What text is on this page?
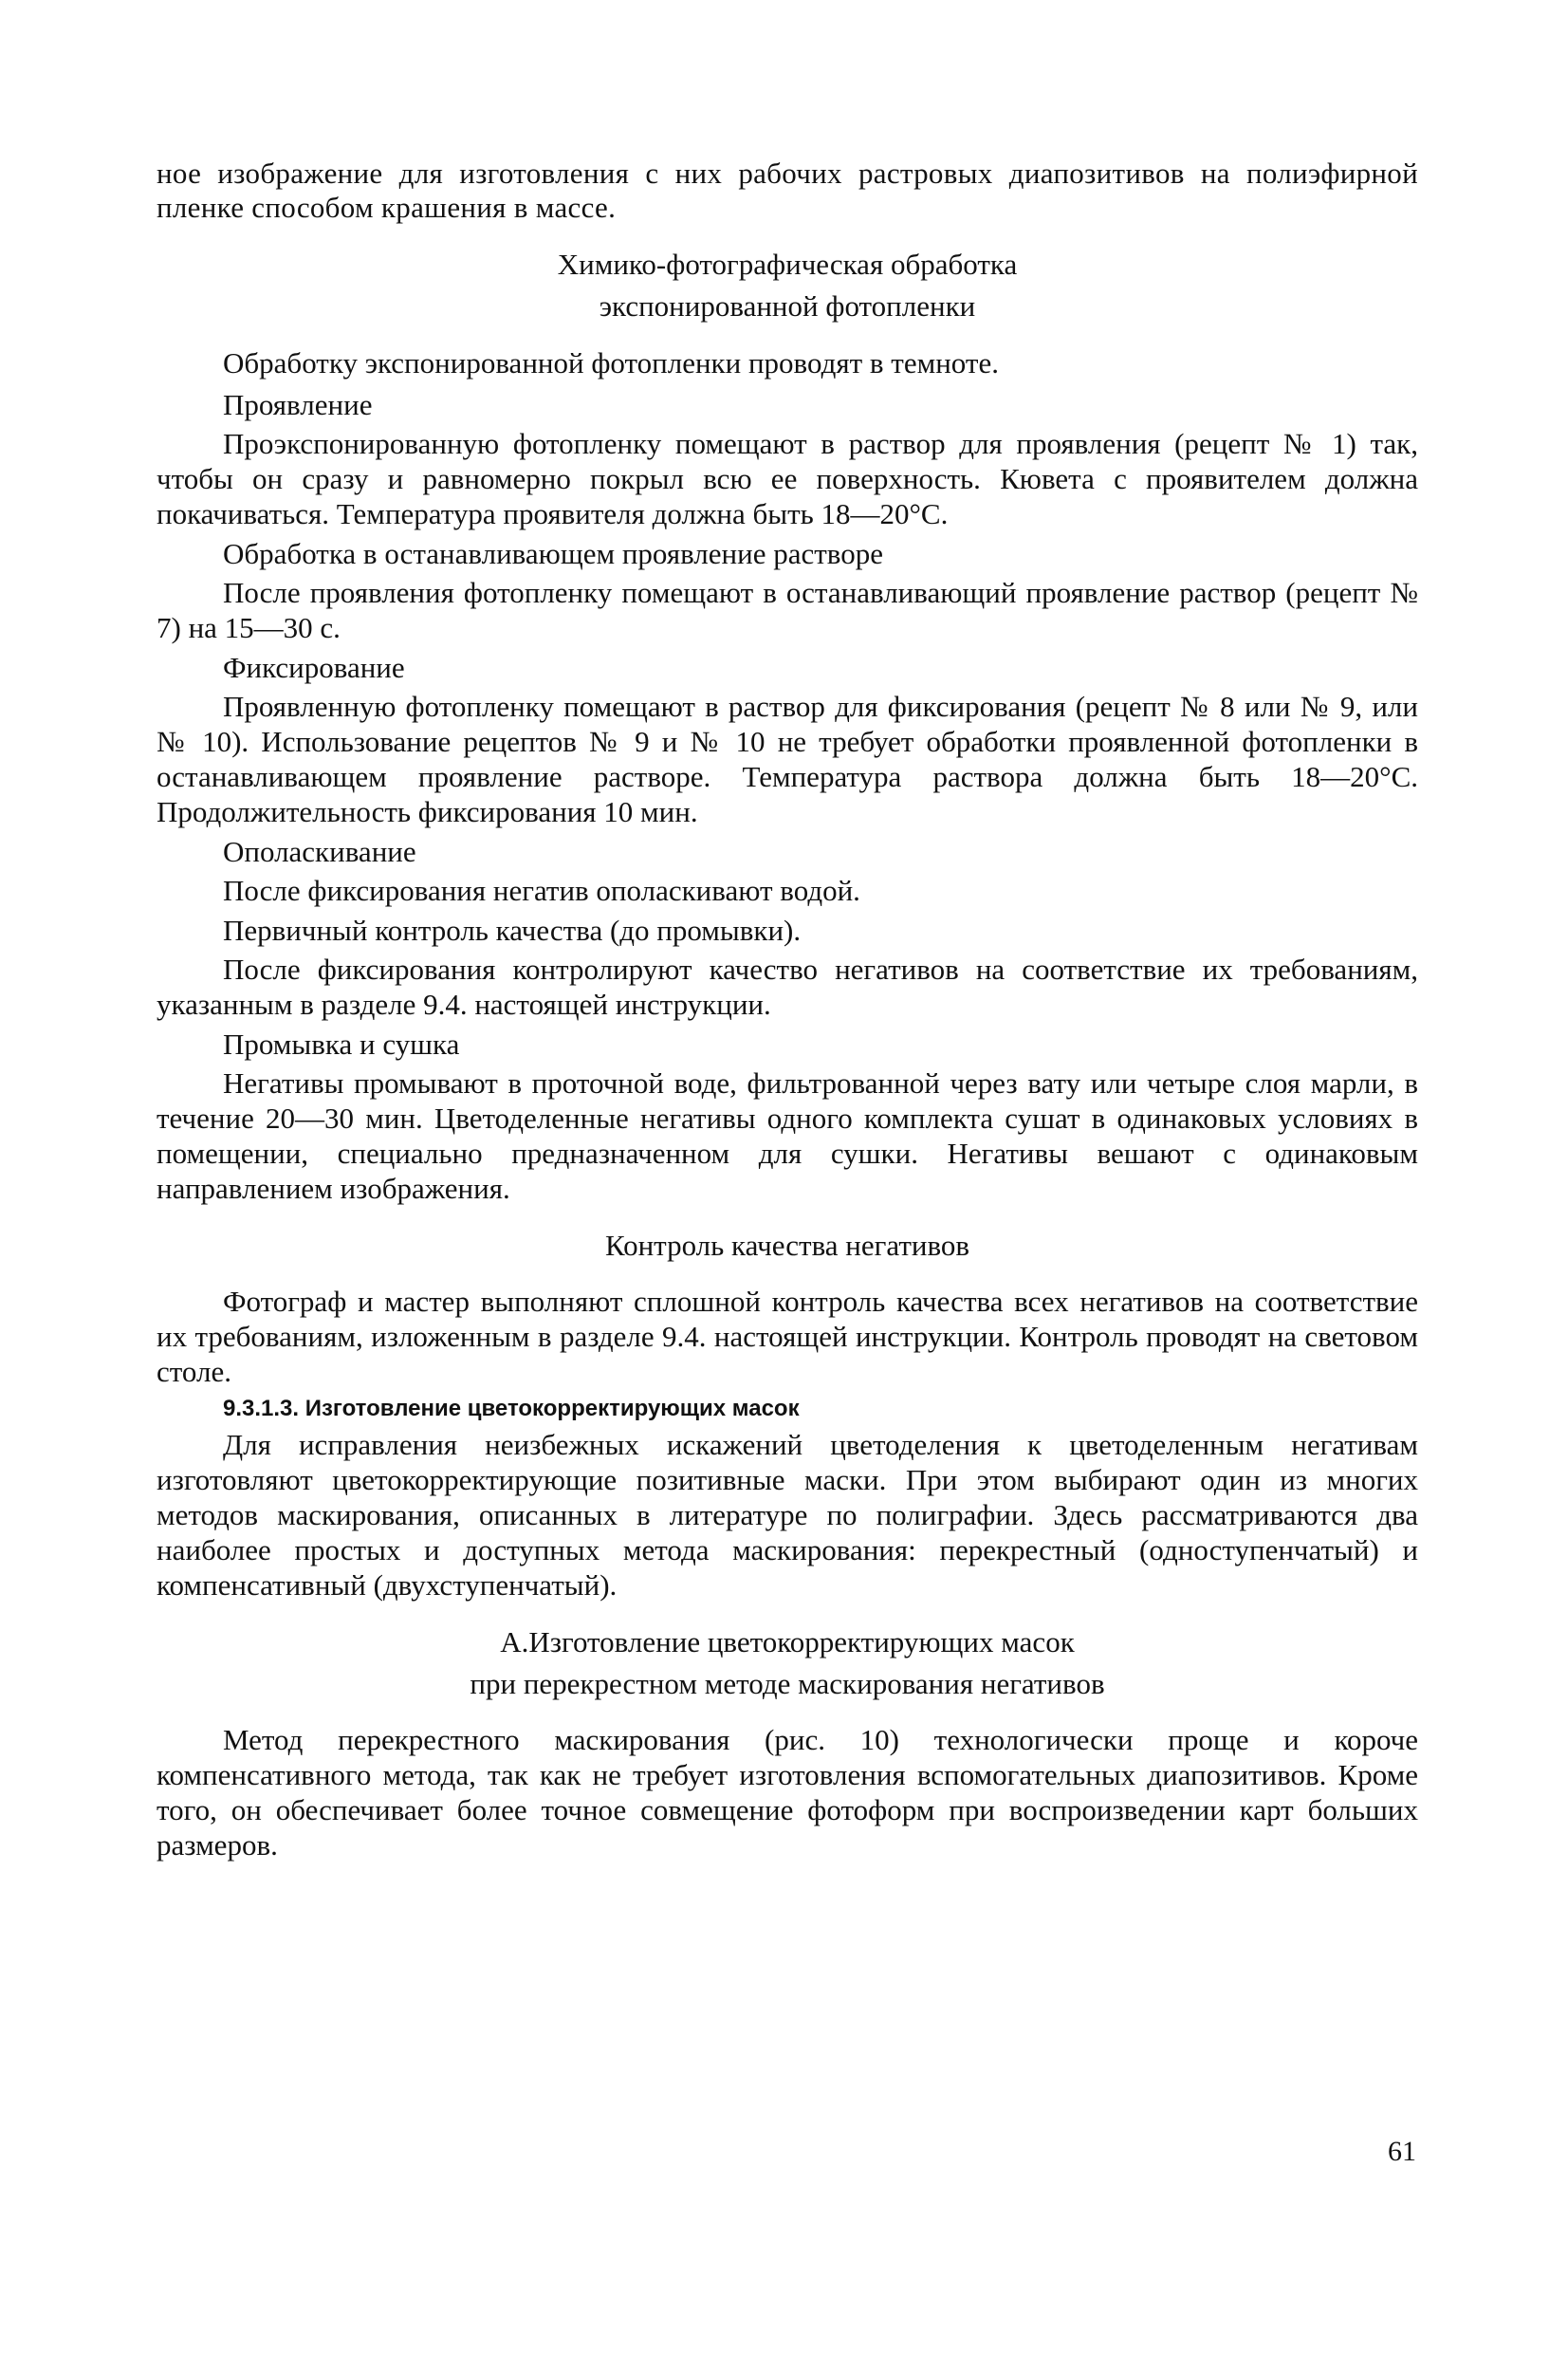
ное изображение для изготовления с них рабочих растровых диапозитивов на полиэфирной пленке способом крашения в массе.

Химико-фотографическая обработка
экспонированной фотопленки
Обработку экспонированной фотопленки проводят в темноте.
Проявление

Проэкспонированную фотопленку помещают в раствор для проявления (рецепт № 1) так, чтобы он сразу и равномерно покрыл всю ее поверхность. Кювета с проявителем должна покачиваться. Температура проявителя должна быть 18—20°С.

Обработка в останавливающем проявление растворе

После проявления фотопленку помещают в останавливающий проявление раствор (рецепт № 7) на 15—30 с.

Фиксирование

Проявленную фотопленку помещают в раствор для фиксирования (рецепт № 8 или № 9, или № 10). Использование рецептов № 9 и № 10 не требует обработки проявленной фотопленки в останавливающем проявление растворе. Температура раствора должна быть 18—20°С. Продолжительность фиксирования 10 мин.

Ополаскивание

После фиксирования негатив ополаскивают водой.

Первичный контроль качества (до промывки).

После фиксирования контролируют качество негативов на соответствие их требованиям, указанным в разделе 9.4. настоящей инструкции.

Промывка и сушка

Негативы промывают в проточной воде, фильтрованной через вату или четыре слоя марли, в течение 20—30 мин. Цветоделенные негативы одного комплекта сушат в одинаковых условиях в помещении, специально предназначенном для сушки. Негативы вешают с одинаковым направлением изображения.

Контроль качества негативов

Фотограф и мастер выполняют сплошной контроль качества всех негативов на соответствие их требованиям, изложенным в разделе 9.4. настоящей инструкции. Контроль проводят на световом столе.

9.3.1.3. Изготовление цветокорректирующих масок

Для исправления неизбежных искажений цветоделения к цветоделенным негативам изготовляют цветокорректирующие позитивные маски. При этом выбирают один из многих методов маскирования, описанных в литературе по полиграфии. Здесь рассматриваются два наиболее простых и доступных метода маскирования: перекрестный (одноступенчатый) и компенсативный (двухступенчатый).

А.Изготовление цветокорректирующих масок
при перекрестном методе маскирования негативов

Метод перекрестного маскирования (рис. 10) технологически проще и короче компенсативного метода, так как не требует изготовления вспомогательных диапозитивов. Кроме того, он обеспечивает более точное совмещение фотоформ при воспроизведении карт больших размеров.

61
